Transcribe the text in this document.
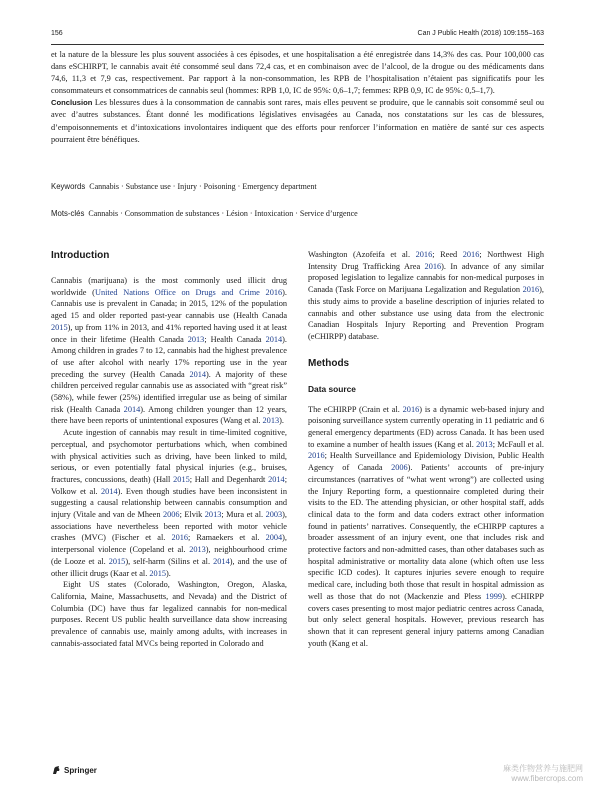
156	Can J Public Health (2018) 109:155–163

et la nature de la blessure les plus souvent associées à ces épisodes, et une hospitalisation a été enregistrée dans 14,3% des cas. Pour 100,000 cas dans eSCHIRPT, le cannabis avait été consommé seul dans 72,4 cas, et en combinaison avec de l’alcool, de la drogue ou des médicaments dans 74,6, 11,3 et 7,9 cas, respectivement. Par rapport à la non-consommation, les RPB de l’hospitalisation n’étaient pas significatifs pour les consommateurs et consommatrices de cannabis seul (hommes: RPB 1,0, IC de 95%: 0,6–1,7; femmes: RPB 0,9, IC de 95%: 0,5–1,7).

Conclusion Les blessures dues à la consommation de cannabis sont rares, mais elles peuvent se produire, que le cannabis soit consommé seul ou avec d’autres substances. Étant donné les modifications législatives envisagées au Canada, nos constatations sur les cas de blessures, d’empoisonnements et d’intoxications involontaires indiquent que des efforts pour renforcer l’information en matière de santé sur ces aspects pourraient être bénéfiques.

Keywords Cannabis · Substance use · Injury · Poisoning · Emergency department
Mots-clés Cannabis · Consommation de substances · Lésion · Intoxication · Service d’urgence
Introduction

Cannabis (marijuana) is the most commonly used illicit drug worldwide (United Nations Office on Drugs and Crime 2016). Cannabis use is prevalent in Canada; in 2015, 12% of the population aged 15 and older reported past-year cannabis use (Health Canada 2015), up from 11% in 2013, and 41% reported having used it at least once in their lifetime (Health Canada 2013; Health Canada 2014). Among children in grades 7 to 12, cannabis had the highest prevalence of use after alcohol with nearly 17% reporting use in the year preceding the survey (Health Canada 2014). A majority of these children perceived regular cannabis use as associated with “great risk” (58%), while fewer (25%) identified irregular use as being of similar risk (Health Canada 2014). Among children younger than 12 years, there have been reports of unintentional exposures (Wang et al. 2013).

Acute ingestion of cannabis may result in time-limited cognitive, perceptual, and psychomotor perturbations which, when combined with physical activities such as driving, have been linked to mild, serious, or even potentially fatal physical injuries (e.g., bruises, fractures, concussions, death) (Hall 2015; Hall and Degenhardt 2014; Volkow et al. 2014). Even though studies have been inconsistent in suggesting a causal relationship between cannabis consumption and injury (Vitale and van de Mheen 2006; Elvik 2013; Mura et al. 2003), associations have nevertheless been reported with motor vehicle crashes (MVC) (Fischer et al. 2016; Ramaekers et al. 2004), interpersonal violence (Copeland et al. 2013), neighbourhood crime (de Looze et al. 2015), self-harm (Silins et al. 2014), and the use of other illicit drugs (Kaar et al. 2015).

Eight US states (Colorado, Washington, Oregon, Alaska, California, Maine, Massachusetts, and Nevada) and the District of Columbia (DC) have thus far legalized cannabis for non-medical purposes. Recent US public health surveillance data show increasing prevalence of cannabis use, mainly among adults, with increases in cannabis-associated fatal MVCs being reported in Colorado and

Washington (Azofeifa et al. 2016; Reed 2016; Northwest High Intensity Drug Trafficking Area 2016). In advance of any similar proposed legislation to legalize cannabis for non-medical purposes in Canada (Task Force on Marijuana Legalization and Regulation 2016), this study aims to provide a baseline description of injuries related to cannabis and other substance use using data from the electronic Canadian Hospitals Injury Reporting and Prevention Program (eCHIRPP) database.

Methods
Data source

The eCHIRPP (Crain et al. 2016) is a dynamic web-based injury and poisoning surveillance system currently operating in 11 pediatric and 6 general emergency departments (ED) across Canada. It has been used to examine a number of health issues (Kang et al. 2013; McFaull et al. 2016; Health Surveillance and Epidemiology Division, Public Health Agency of Canada 2006). Patients’ accounts of pre-injury circumstances (narratives of “what went wrong”) are collected using the Injury Reporting form, a questionnaire completed during their visits to the ED. The attending physician, or other hospital staff, adds clinical data to the form and data coders extract other information found in patients’ narratives. Consequently, the eCHIRPP captures a broader assessment of an injury event, one that includes risk and protective factors and non-admitted cases, than other databases such as hospital administrative or mortality data alone (which often use less specific ICD codes). It captures injuries severe enough to require medical care, including both those that result in hospital admission as well as those that do not (Mackenzie and Pless 1999). eCHIRPP covers cases presenting to most major pediatric centres across Canada, but only select general hospitals. However, previous research has shown that it can represent general injury patterns among Canadian youth (Kang et al.

Springer	麻类作物营养与施肥网
www.fibercrops.com
